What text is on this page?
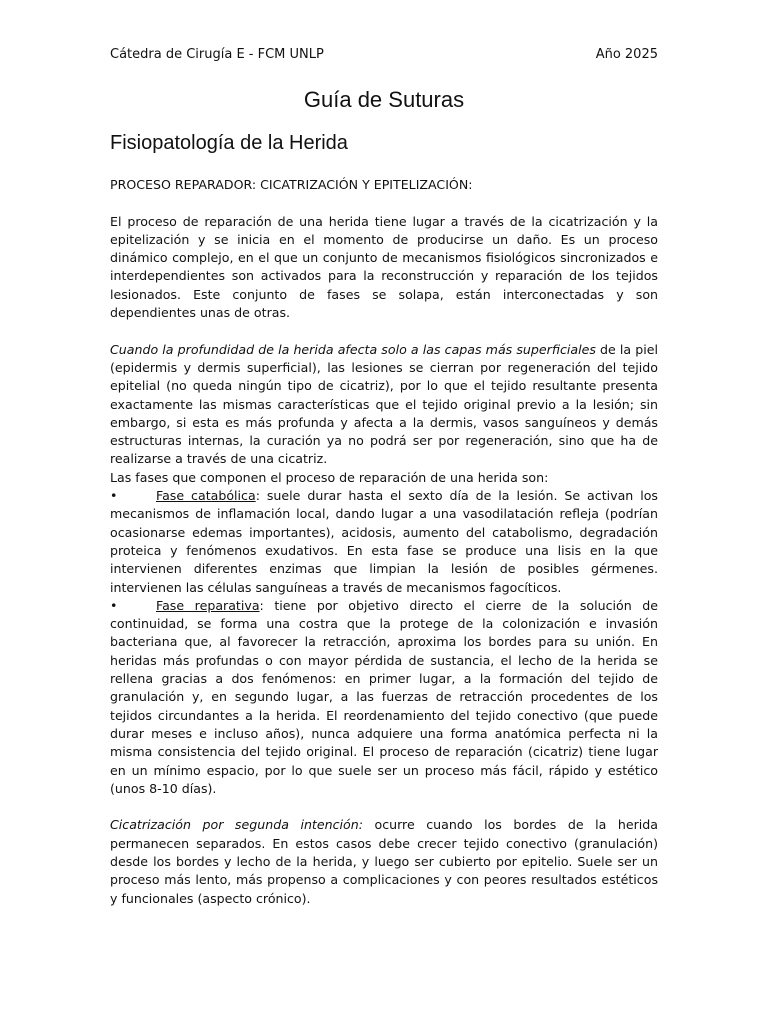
Cátedra de Cirugía E - FCM UNLP	Año 2025
Guía de Suturas
Fisiopatología de la Herida

PROCESO REPARADOR: CICATRIZACIÓN Y EPITELIZACIÓN:

El proceso de reparación de una herida tiene lugar a través de la cicatrización y la epitelización y se inicia en el momento de producirse un daño. Es un proceso dinámico complejo, en el que un conjunto de mecanismos fisiológicos sincronizados e interdependientes son activados para la reconstrucción y reparación de los tejidos lesionados. Este conjunto de fases se solapa, están interconectadas y son dependientes unas de otras.

Cuando la profundidad de la herida afecta solo a las capas más superficiales de la piel (epidermis y dermis superficial), las lesiones se cierran por regeneración del tejido epitelial (no queda ningún tipo de cicatriz), por lo que el tejido resultante presenta exactamente las mismas características que el tejido original previo a la lesión; sin embargo, si esta es más profunda y afecta a la dermis, vasos sanguíneos y demás estructuras internas, la curación ya no podrá ser por regeneración, sino que ha de realizarse a través de una cicatriz.

Las fases que componen el proceso de reparación de una herida son:

•	Fase catabólica: suele durar hasta el sexto día de la lesión. Se activan los mecanismos de inflamación local, dando lugar a una vasodilatación refleja (podrían ocasionarse edemas importantes), acidosis, aumento del catabolismo, degradación proteica y fenómenos exudativos. En esta fase se produce una lisis en la que intervienen diferentes enzimas que limpian la lesión de posibles gérmenes. intervienen las células sanguíneas a través de mecanismos fagocíticos.

•	Fase reparativa: tiene por objetivo directo el cierre de la solución de continuidad, se forma una costra que la protege de la colonización e invasión bacteriana que, al favorecer la retracción, aproxima los bordes para su unión. En heridas más profundas o con mayor pérdida de sustancia, el lecho de la herida se rellena gracias a dos fenómenos: en primer lugar, a la formación del tejido de granulación y, en segundo lugar, a las fuerzas de retracción procedentes de los tejidos circundantes a la herida. El reordenamiento del tejido conectivo (que puede durar meses e incluso años), nunca adquiere una forma anatómica perfecta ni la misma consistencia del tejido original. El proceso de reparación (cicatriz) tiene lugar en un mínimo espacio, por lo que suele ser un proceso más fácil, rápido y estético (unos 8-10 días).

Cicatrización por segunda intención: ocurre cuando los bordes de la herida permanecen separados. En estos casos debe crecer tejido conectivo (granulación) desde los bordes y lecho de la herida, y luego ser cubierto por epitelio. Suele ser un proceso más lento, más propenso a complicaciones y con peores resultados estéticos y funcionales (aspecto crónico).
